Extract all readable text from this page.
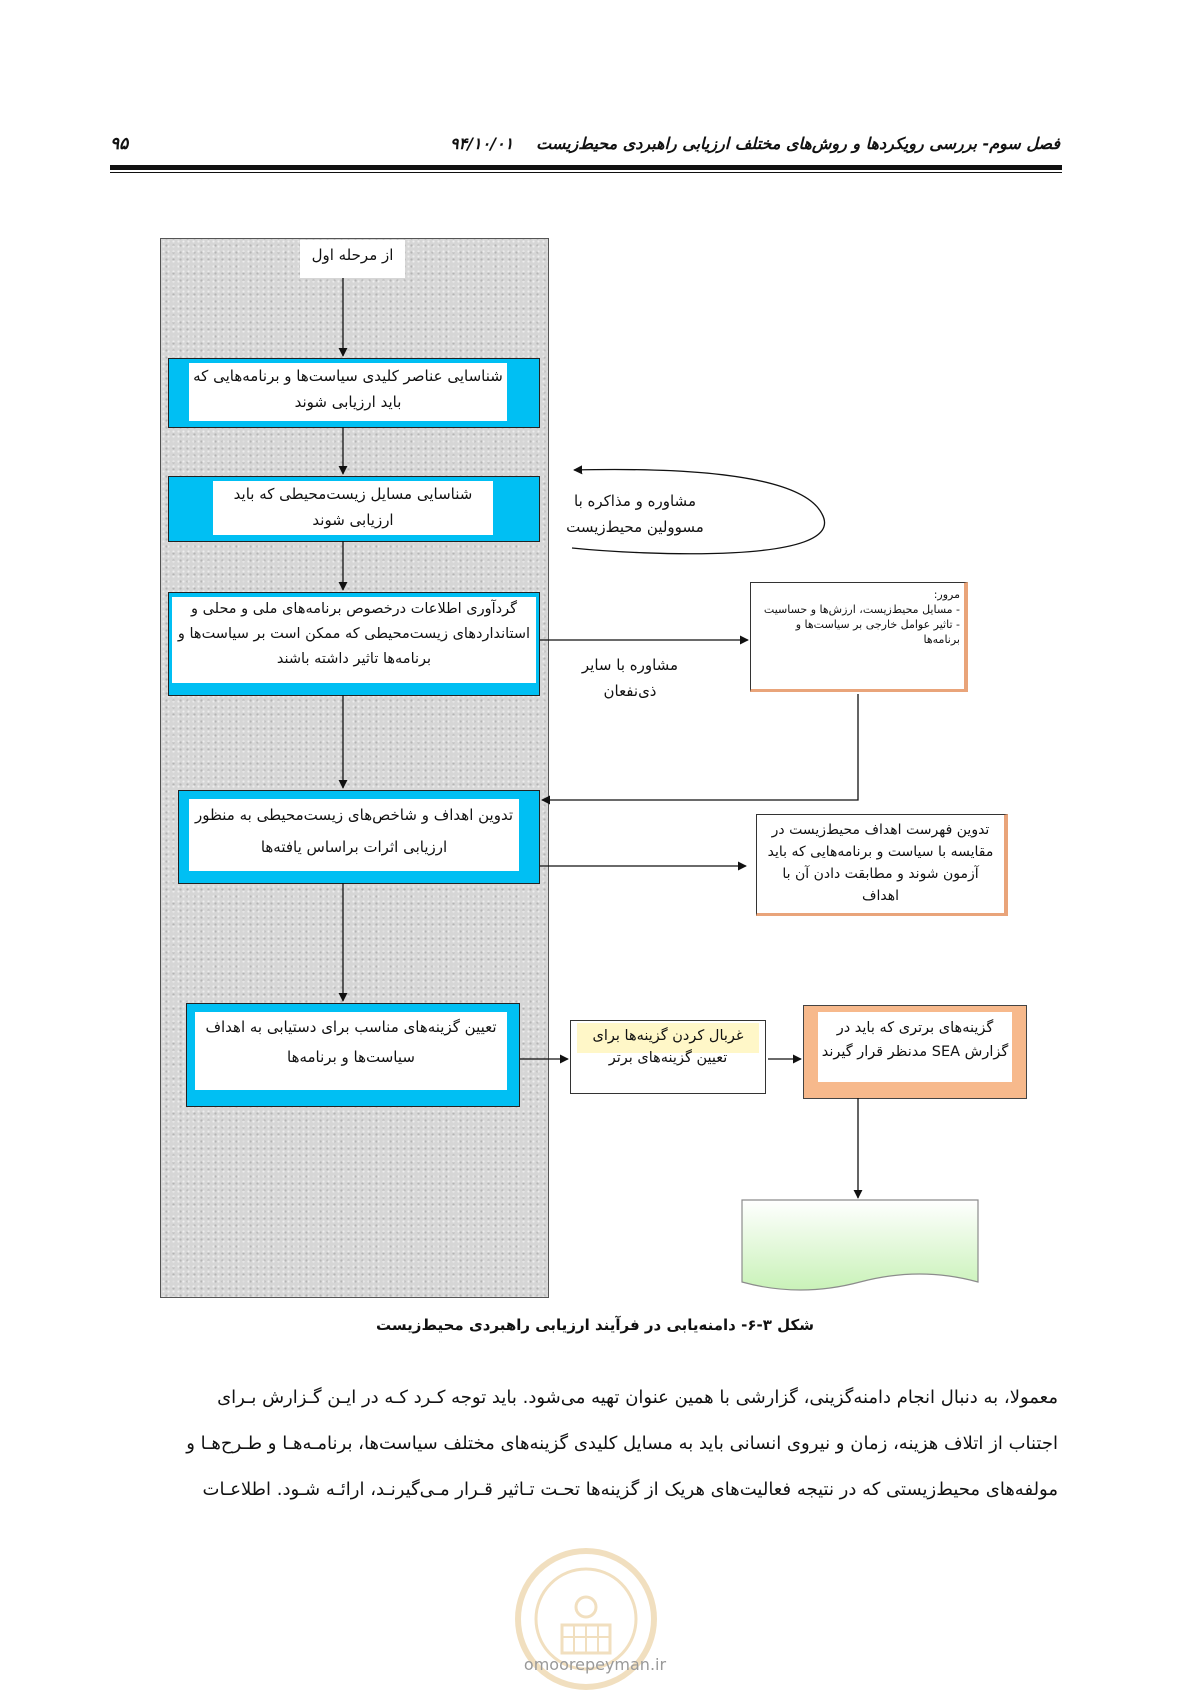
۹۵	۹۴/۱۰/۰۱ فصل سوم- بررسی رویکردها و روش‌های مختلف ارزیابی راهبردی محیط‌زیست
از مرحله اول
شناسایی عناصر کلیدی سیاست‌ها و برنامه‌هایی که
باید ارزیابی شوند
شناسایی مسایل زیست‌محیطی که باید
ارزیابی شوند
گردآوری اطلاعات درخصوص برنامه‌های ملی و محلی و
استانداردهای زیست‌محیطی که ممکن است بر سیاست‌ها و
برنامه‌ها تاثیر داشته باشند
تدوین اهداف و شاخص‌های زیست‌محیطی به منظور
ارزیابی اثرات براساس یافته‌ها
تعیین گزینه‌های مناسب برای دستیابی به اهداف
سیاست‌ها و برنامه‌ها
مشاوره و مذاکره با
مسوولین محیط‌زیست
مشاوره با سایر
ذی‌نفعان
مرور:
- مسایل محیط‌زیست، ارزش‌ها و حساسیت
- تاثیر عوامل خارجی بر سیاست‌ها و
برنامه‌ها
تدوین فهرست اهداف محیط‌زیست در
مقایسه با سیاست و برنامه‌هایی که باید
آزمون شوند و مطابقت دادن آن با
اهداف
غربال کردن گزینه‌ها برای
تعیین گزینه‌های برتر
گزینه‌های برتری که باید در
گزارش SEA مدنظر قرار گیرند
شکل ۳-۶- دامنه‌یابی در فرآیند ارزیابی راهبردی محیط‌زیست
معمولا، به دنبال انجام دامنه‌گزینی، گزارشی با همین عنوان تهیه می‌شود. باید توجه کـرد کـه در ایـن گـزارش بـرای
اجتناب از اتلاف هزینه، زمان و نیروی انسانی باید به مسایل کلیدی گزینه‌های مختلف سیاست‌ها، برنامـه‌هـا و طـرح‌هـا و
مولفه‌های محیط‌زیستی که در نتیجه فعالیت‌های هریک از گزینه‌ها تحـت تـاثیر قـرار مـی‌گیرنـد، ارائـه شـود. اطلاعـات
omoorepeyman.ir
